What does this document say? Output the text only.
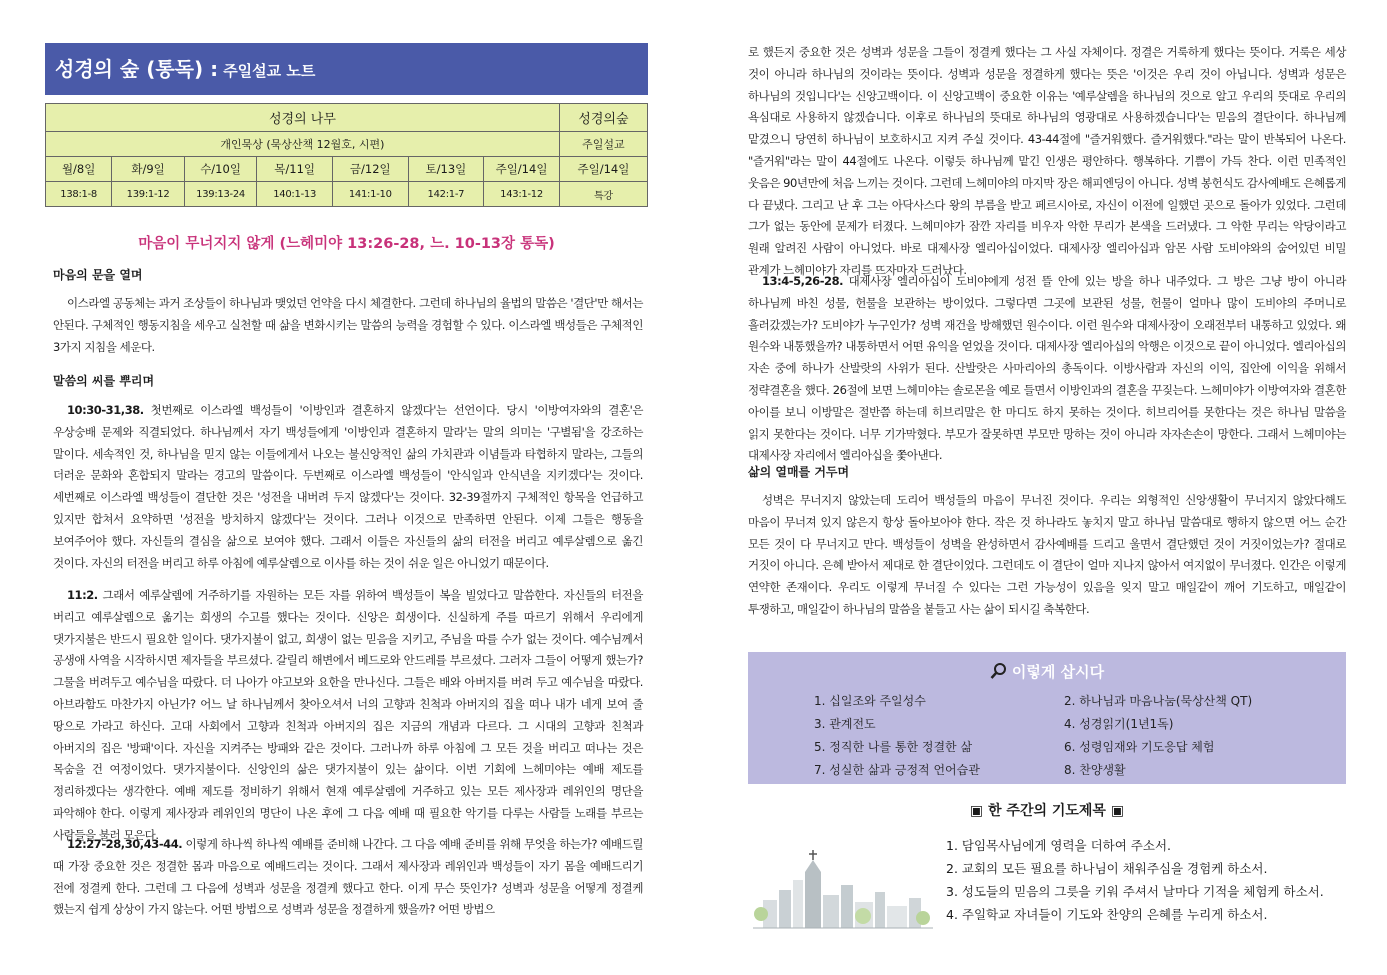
성경의 숲 (통독) : 주일설교 노트
성경의 나무							성경의숲
개인묵상 (묵상산책 12월호, 시편)							주일설교
월/8일	화/9일	수/10일	목/11일	금/12일	토/13일	주일/14일	주일/14일
138:1-8	139:1-12	139:13-24	140:1-13	141:1-10	142:1-7	143:1-12	특강
마음이 무너지지 않게 (느헤미야 13:26-28, 느. 10-13장 통독)
마음의 문을 열며
이스라엘 공동체는 과거 조상들이 하나님과 맺었던 언약을 다시 체결한다. 그런데 하나님의 율법의 말씀은 '결단'만 해서는 안된다. 구체적인 행동지침을 세우고 실천할 때 삶을 변화시키는 말씀의 능력을 경험할 수 있다. 이스라엘 백성들은 구체적인 3가지 지침을 세운다.
말씀의 씨를 뿌리며
10:30-31,38. 첫번째로 이스라엘 백성들이 '이방인과 결혼하지 않겠다'는 선언이다. 당시 '이방여자와의 결혼'은 우상숭배 문제와 직결되었다. 하나님께서 자기 백성들에게 '이방인과 결혼하지 말라'는 말의 의미는 '구별됨'을 강조하는 말이다. 세속적인 것, 하나님을 믿지 않는 이들에게서 나오는 불신앙적인 삶의 가치관과 이념들과 타협하지 말라는, 그들의 더러운 문화와 혼합되지 말라는 경고의 말씀이다. 두번째로 이스라엘 백성들이 '안식일과 안식년을 지키겠다'는 것이다. 세번째로 이스라엘 백성들이 결단한 것은 '성전을 내버려 두지 않겠다'는 것이다. 32-39절까지 구체적인 항목을 언급하고 있지만 합쳐서 요약하면 '성전을 방치하지 않겠다'는 것이다. 그러나 이것으로 만족하면 안된다. 이제 그들은 행동을 보여주어야 했다. 자신들의 결심을 삶으로 보여야 했다. 그래서 이들은 자신들의 삶의 터전을 버리고 예루살렘으로 옮긴 것이다. 자신의 터전을 버리고 하루 아침에 예루살렘으로 이사를 하는 것이 쉬운 일은 아니었기 때문이다.
11:2. 그래서 예루살렘에 거주하기를 자원하는 모든 자를 위하여 백성들이 복을 빌었다고 말씀한다. 자신들의 터전을 버리고 예루살렘으로 옮기는 희생의 수고를 했다는 것이다. 신앙은 희생이다. 신실하게 주를 따르기 위해서 우리에게 댓가지불은 반드시 필요한 일이다. 댓가지불이 없고, 희생이 없는 믿음을 지키고, 주님을 따를 수가 없는 것이다. 예수님께서 공생애 사역을 시작하시면 제자들을 부르셨다. 갈릴리 해변에서 베드로와 안드레를 부르셨다. 그러자 그들이 어떻게 했는가? 그물을 버려두고 예수님을 따랐다. 더 나아가 야고보와 요한을 만나신다. 그들은 배와 아버지를 버려 두고 예수님을 따랐다. 아브라함도 마찬가지 아닌가? 어느 날 하나님께서 찾아오셔서 너의 고향과 친척과 아버지의 집을 떠나 내가 네게 보여 줄 땅으로 가라고 하신다. 고대 사회에서 고향과 친척과 아버지의 집은 지금의 개념과 다르다. 그 시대의 고향과 친척과 아버지의 집은 '방패'이다. 자신을 지켜주는 방패와 같은 것이다. 그러나까 하루 아침에 그 모든 것을 버리고 떠나는 것은 목숨을 건 여정이었다. 댓가지불이다. 신앙인의 삶은 댓가지불이 있는 삶이다. 이번 기회에 느헤미야는 예배 제도를 정리하겠다는 생각한다. 예배 제도를 정비하기 위해서 현재 예루살렘에 거주하고 있는 모든 제사장과 레위인의 명단을 파악해야 한다. 이렇게 제사장과 레위인의 명단이 나온 후에 그 다음 예배 때 필요한 악기를 다루는 사람들 노래를 부르는 사람들을 불러 모은다.
12:27-28,30,43-44. 이렇게 하나씩 하나씩 예배를 준비해 나간다. 그 다음 예배 준비를 위해 무엇을 하는가? 예배드릴 때 가장 중요한 것은 정결한 몸과 마음으로 예배드리는 것이다. 그래서 제사장과 레위인과 백성들이 자기 몸을 예배드리기 전에 정결케 한다. 그런데 그 다음에 성벽과 성문을 정결케 했다고 한다. 이게 무슨 뜻인가? 성벽과 성문을 어떻게 정결케 했는지 쉽게 상상이 가지 않는다. 어떤 방법으로 성벽과 성문을 정결하게 했을까? 어떤 방법으
로 했든지 중요한 것은 성벽과 성문을 그들이 정결케 했다는 그 사실 자체이다. 정결은 거룩하게 했다는 뜻이다. 거룩은 세상 것이 아니라 하나님의 것이라는 뜻이다. 성벽과 성문을 정결하게 했다는 뜻은 '이것은 우리 것이 아닙니다. 성벽과 성문은 하나님의 것입니다'는 신앙고백이다. 이 신앙고백이 중요한 이유는 '예루살렘을 하나님의 것으로 알고 우리의 뜻대로 우리의 욕심대로 사용하지 않겠습니다. 이후로 하나님의 뜻대로 하나님의 영광대로 사용하겠습니다'는 믿음의 결단이다. 하나님께 맡겼으니 당연히 하나님이 보호하시고 지켜 주실 것이다. 43-44절에 "즐거워했다. 즐거워했다."라는 말이 반복되어 나온다. "즐거워"라는 말이 44절에도 나온다. 이렇듯 하나님께 맡긴 인생은 평안하다. 행복하다. 기쁨이 가득 찬다. 이런 민족적인 웃음은 90년만에 처음 느끼는 것이다. 그런데 느헤미야의 마지막 장은 해피엔딩이 아니다. 성벽 봉헌식도 감사예배도 은혜롭게 다 끝냈다. 그리고 난 후 그는 아닥사스다 왕의 부름을 받고 페르시아로, 자신이 이전에 일했던 곳으로 돌아가 있었다. 그런데 그가 없는 동안에 문제가 터졌다. 느헤미야가 잠깐 자리를 비우자 악한 무리가 본색을 드러냈다. 그 악한 무리는 악당이라고 원래 알려진 사람이 아니었다. 바로 대제사장 엘리아십이었다. 대제사장 엘리아십과 암몬 사람 도비야와의 숨어있던 비밀 관계가 느헤미야가 자리를 뜨자마자 드러났다.
13:4-5,26-28. 대제사장 엘리아십이 도비야에게 성전 뜰 안에 있는 방을 하나 내주었다. 그 방은 그냥 방이 아니라 하나님께 바친 성물, 헌물을 보관하는 방이었다. 그렇다면 그곳에 보관된 성물, 헌물이 얼마나 많이 도비야의 주머니로 흘러갔겠는가? 도비야가 누구인가? 성벽 재건을 방해했던 원수이다. 이런 원수와 대제사장이 오래전부터 내통하고 있었다. 왜 원수와 내통했을까? 내통하면서 어떤 유익을 얻었을 것이다. 대제사장 엘리아십의 악행은 이것으로 끝이 아니었다. 엘리아십의 자손 중에 하나가 산발랏의 사위가 된다. 산발랏은 사마리아의 총독이다. 이방사람과 자신의 이익, 집안에 이익을 위해서 정략결혼을 했다. 26절에 보면 느헤미야는 솔로몬을 예로 들면서 이방인과의 결혼을 꾸짖는다. 느헤미야가 이방여자와 결혼한 아이를 보니 이방말은 절반쯤 하는데 히브리말은 한 마디도 하지 못하는 것이다. 히브리어를 못한다는 것은 하나님 말씀을 읽지 못한다는 것이다. 너무 기가막혔다. 부모가 잘못하면 부모만 망하는 것이 아니라 자자손손이 망한다. 그래서 느헤미야는 대제사장 자리에서 엘리아십을 쫓아낸다.
삶의 열매를 거두며
성벽은 무너지지 않았는데 도리어 백성들의 마음이 무너진 것이다. 우리는 외형적인 신앙생활이 무너지지 않았다해도 마음이 무너져 있지 않은지 항상 돌아보아야 한다. 작은 것 하나라도 놓치지 말고 하나님 말씀대로 행하지 않으면 어느 순간 모든 것이 다 무너지고 만다. 백성들이 성벽을 완성하면서 감사예배를 드리고 울면서 결단했던 것이 거짓이었는가? 절대로 거짓이 아니다. 은혜 받아서 제대로 한 결단이었다. 그런데도 이 결단이 얼마 지나지 않아서 여지없이 무너졌다. 인간은 이렇게 연약한 존재이다. 우리도 이렇게 무너질 수 있다는 그런 가능성이 있음을 잊지 말고 매일같이 깨어 기도하고, 매일같이 투쟁하고, 매일같이 하나님의 말씀을 붙들고 사는 삶이 되시길 축복한다.
이렇게 삽시다
1. 십일조와 주일성수	2. 하나님과 마음나눔(묵상산책 QT)
3. 관계전도	4. 성경읽기(1년1독)
5. 정직한 나를 통한 정결한 삶	6. 성령임재와 기도응답 체험
7. 성실한 삶과 긍정적 언어습관	8. 찬양생활
▣ 한 주간의 기도제목 ▣
1. 담임목사님에게 영력을 더하여 주소서.
2. 교회의 모든 필요를 하나님이 채워주심을 경험케 하소서.
3. 성도들의 믿음의 그릇을 키워 주셔서 날마다 기적을 체험케 하소서.
4. 주일학교 자녀들이 기도와 찬양의 은혜를 누리게 하소서.
